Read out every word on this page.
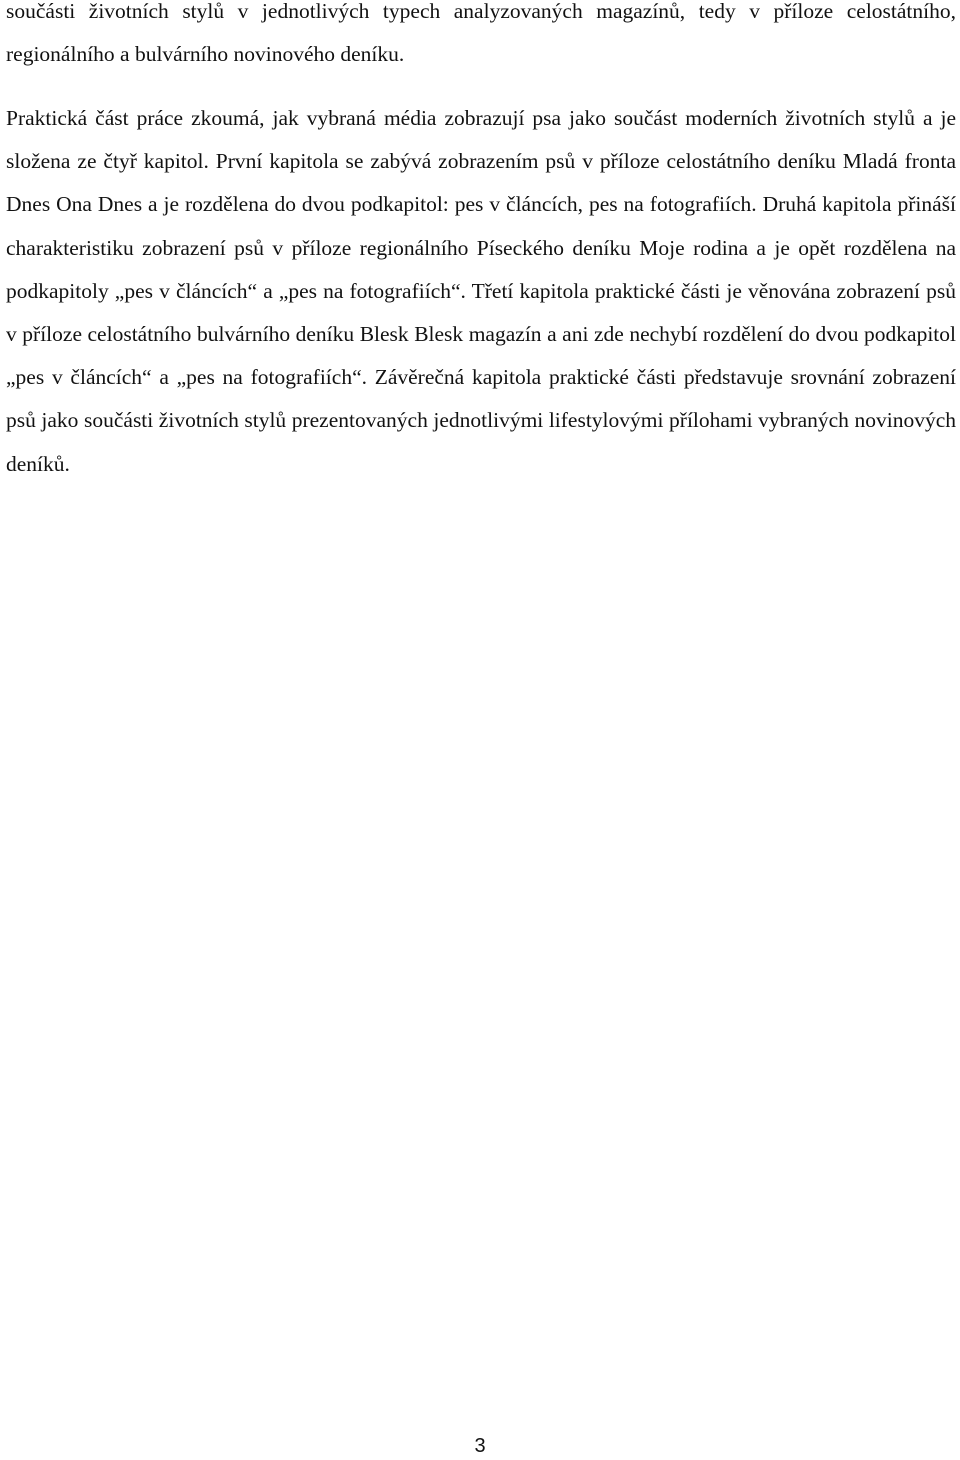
součásti životních stylů v jednotlivých typech analyzovaných magazínů, tedy v příloze celostátního, regionálního a bulvárního novinového deníku.

Praktická část práce zkoumá, jak vybraná média zobrazují psa jako součást moderních životních stylů a je složena ze čtyř kapitol. První kapitola se zabývá zobrazením psů v příloze celostátního deníku Mladá fronta Dnes Ona Dnes a je rozdělena do dvou podkapitol: pes v článcích, pes na fotografiích. Druhá kapitola přináší charakteristiku zobrazení psů v příloze regionálního Píseckého deníku Moje rodina a je opět rozdělena na podkapitoly „pes v článcích“ a „pes na fotografiích“. Třetí kapitola praktické části je věnována zobrazení psů v příloze celostátního bulvárního deníku Blesk Blesk magazín a ani zde nechybí rozdělení do dvou podkapitol „pes v článcích“ a „pes na fotografiích“. Závěrečná kapitola praktické části představuje srovnání zobrazení psů jako součásti životních stylů prezentovaných jednotlivými lifestylovými přílohami vybraných novinových deníků.

3
